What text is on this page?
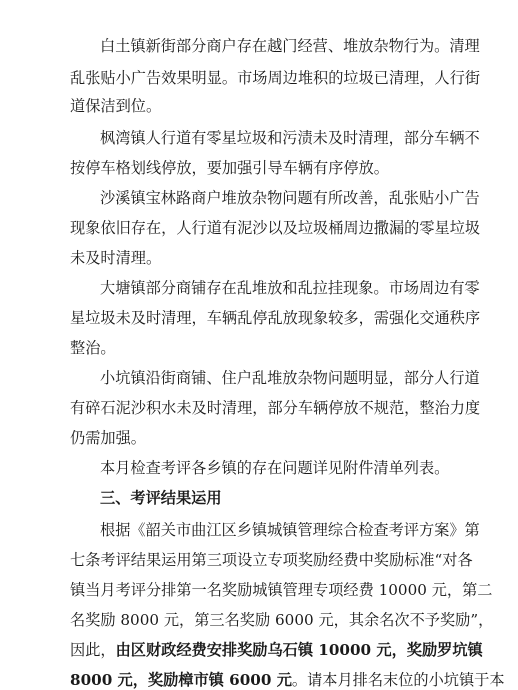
白土镇新街部分商户存在越门经营、堆放杂物行为。清理
乱张贴小广告效果明显。市场周边堆积的垃圾已清理，人行街
道保洁到位。
枫湾镇人行道有零星垃圾和污渍未及时清理，部分车辆不
按停车格划线停放，要加强引导车辆有序停放。
沙溪镇宝林路商户堆放杂物问题有所改善，乱张贴小广告
现象依旧存在，人行道有泥沙以及垃圾桶周边撒漏的零星垃圾
未及时清理。
大塘镇部分商铺存在乱堆放和乱拉挂现象。市场周边有零
星垃圾未及时清理，车辆乱停乱放现象较多，需强化交通秩序
整治。
小坑镇沿街商铺、住户乱堆放杂物问题明显，部分人行道
有碎石泥沙积水未及时清理，部分车辆停放不规范，整治力度
仍需加强。
本月检查考评各乡镇的存在问题详见附件清单列表。
三、考评结果运用
根据《韶关市曲江区乡镇城镇管理综合检查考评方案》第
七条考评结果运用第三项设立专项奖励经费中奖励标准“对各
镇当月考评分排第一名奖励城镇管理专项经费 10000 元，第二
名奖励 8000 元，第三名奖励 6000 元，其余名次不予奖励”，
因此，由区财政经费安排奖励乌石镇 10000 元，奖励罗坑镇
8000 元，奖励樟市镇 6000 元。请本月排名末位的小坑镇于本
